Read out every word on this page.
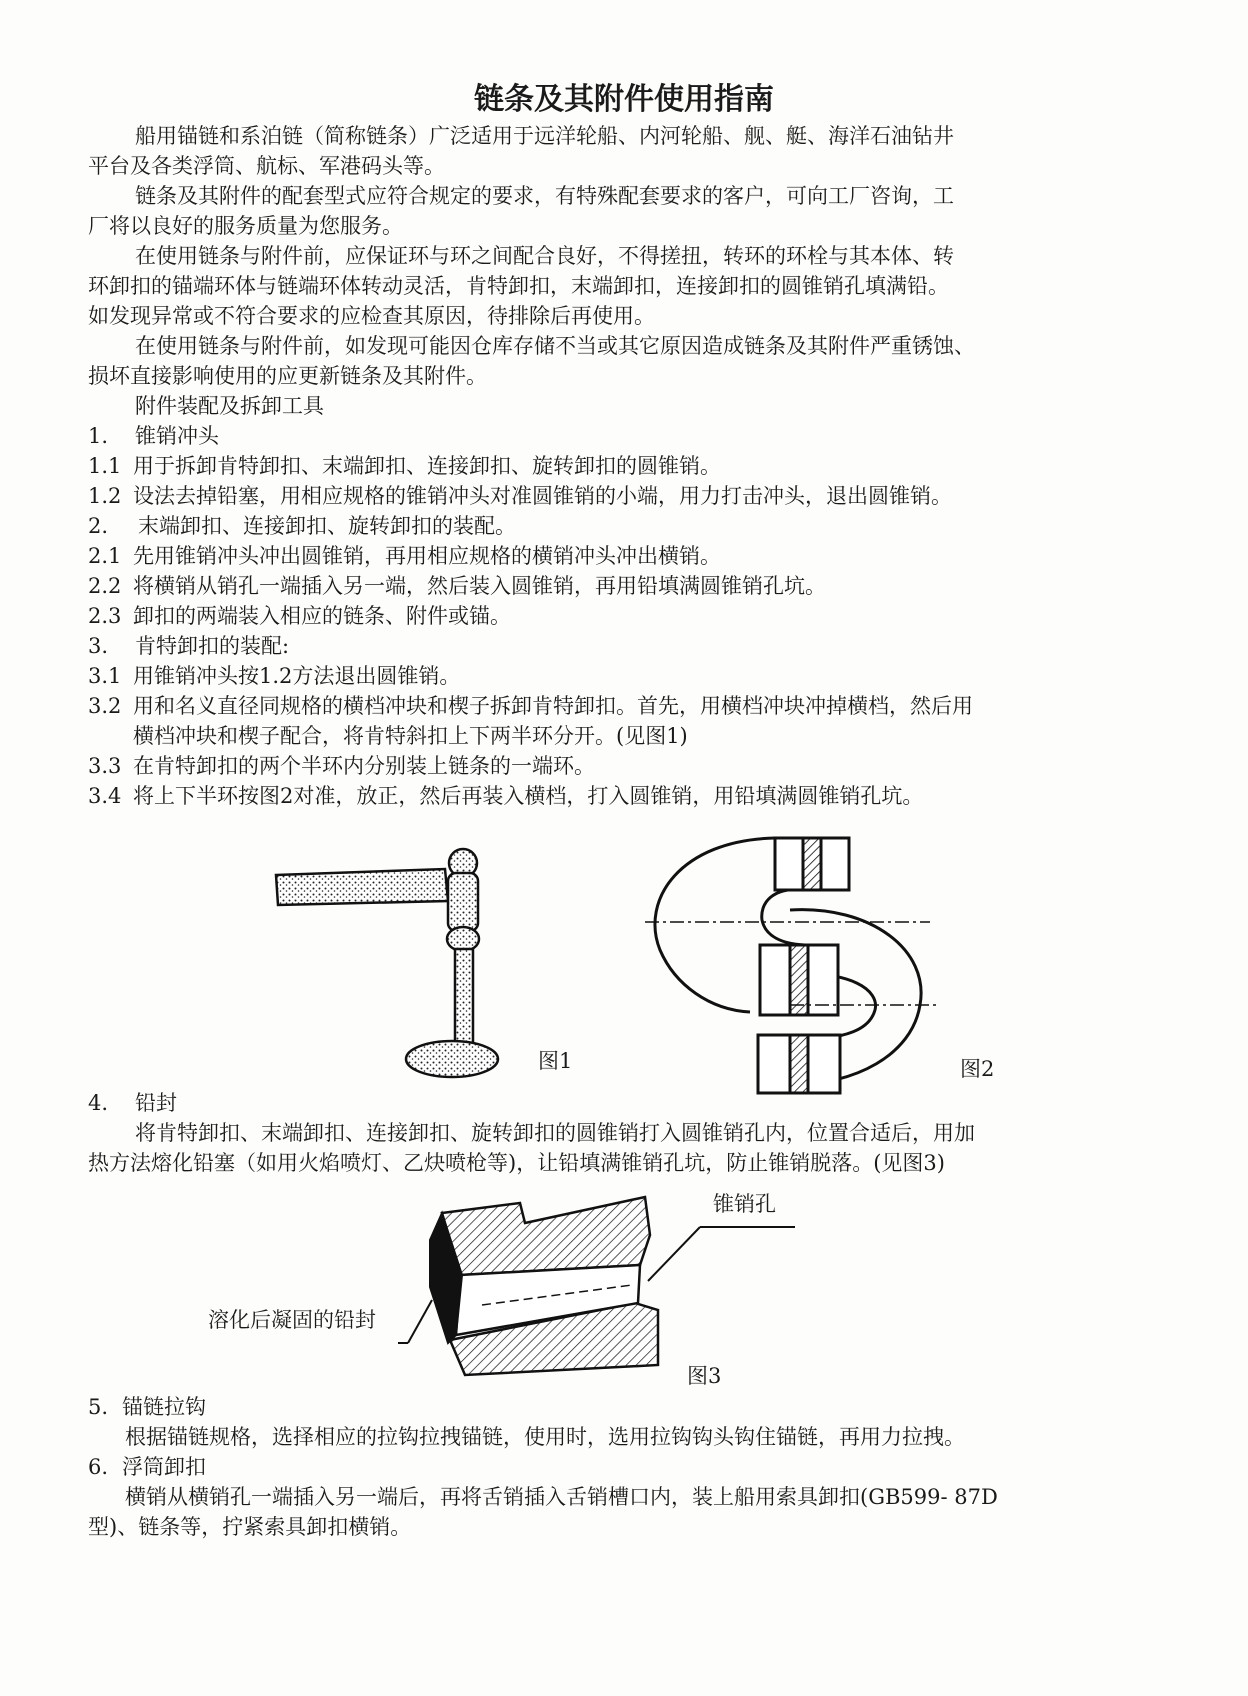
链条及其附件使用指南
船用锚链和系泊链（简称链条）广泛适用于远洋轮船、内河轮船、舰、艇、海洋石油钻井
平台及各类浮筒、航标、军港码头等。
链条及其附件的配套型式应符合规定的要求，有特殊配套要求的客户，可向工厂咨询，工
厂将以良好的服务质量为您服务。
在使用链条与附件前，应保证环与环之间配合良好，不得搓扭，转环的环栓与其本体、转
环卸扣的锚端环体与链端环体转动灵活，肯特卸扣，末端卸扣，连接卸扣的圆锥销孔填满铅。
如发现异常或不符合要求的应检查其原因，待排除后再使用。
在使用链条与附件前，如发现可能因仓库存储不当或其它原因造成链条及其附件严重锈蚀、
损坏直接影响使用的应更新链条及其附件。
附件装配及拆卸工具
1. 锥销冲头
1.1 用于拆卸肯特卸扣、末端卸扣、连接卸扣、旋转卸扣的圆锥销。
1.2 设法去掉铅塞，用相应规格的锥销冲头对准圆锥销的小端，用力打击冲头，退出圆锥销。
2. 末端卸扣、连接卸扣、旋转卸扣的装配。
2.1 先用锥销冲头冲出圆锥销，再用相应规格的横销冲头冲出横销。
2.2 将横销从销孔一端插入另一端，然后装入圆锥销，再用铅填满圆锥销孔坑。
2.3 卸扣的两端装入相应的链条、附件或锚。
3. 肯特卸扣的装配:
3.1 用锥销冲头按1.2方法退出圆锥销。
3.2 用和名义直径同规格的横档冲块和楔子拆卸肯特卸扣。首先，用横档冲块冲掉横档，然后用
横档冲块和楔子配合，将肯特斜扣上下两半环分开。(见图1)
3.3 在肯特卸扣的两个半环内分别装上链条的一端环。
3.4 将上下半环按图2对准，放正，然后再装入横档，打入圆锥销，用铅填满圆锥销孔坑。
图1	图2
4. 铅封
将肯特卸扣、末端卸扣、连接卸扣、旋转卸扣的圆锥销打入圆锥销孔内，位置合适后，用加
热方法熔化铅塞（如用火焰喷灯、乙炔喷枪等)，让铅填满锥销孔坑，防止锥销脱落。(见图3)
锥销孔
溶化后凝固的铅封
图3
5. 锚链拉钩
根据锚链规格，选择相应的拉钩拉拽锚链，使用时，选用拉钩钩头钩住锚链，再用力拉拽。
6. 浮筒卸扣
横销从横销孔一端插入另一端后，再将舌销插入舌销槽口内，装上船用索具卸扣(GB599- 87D
型)、链条等，拧紧索具卸扣横销。
